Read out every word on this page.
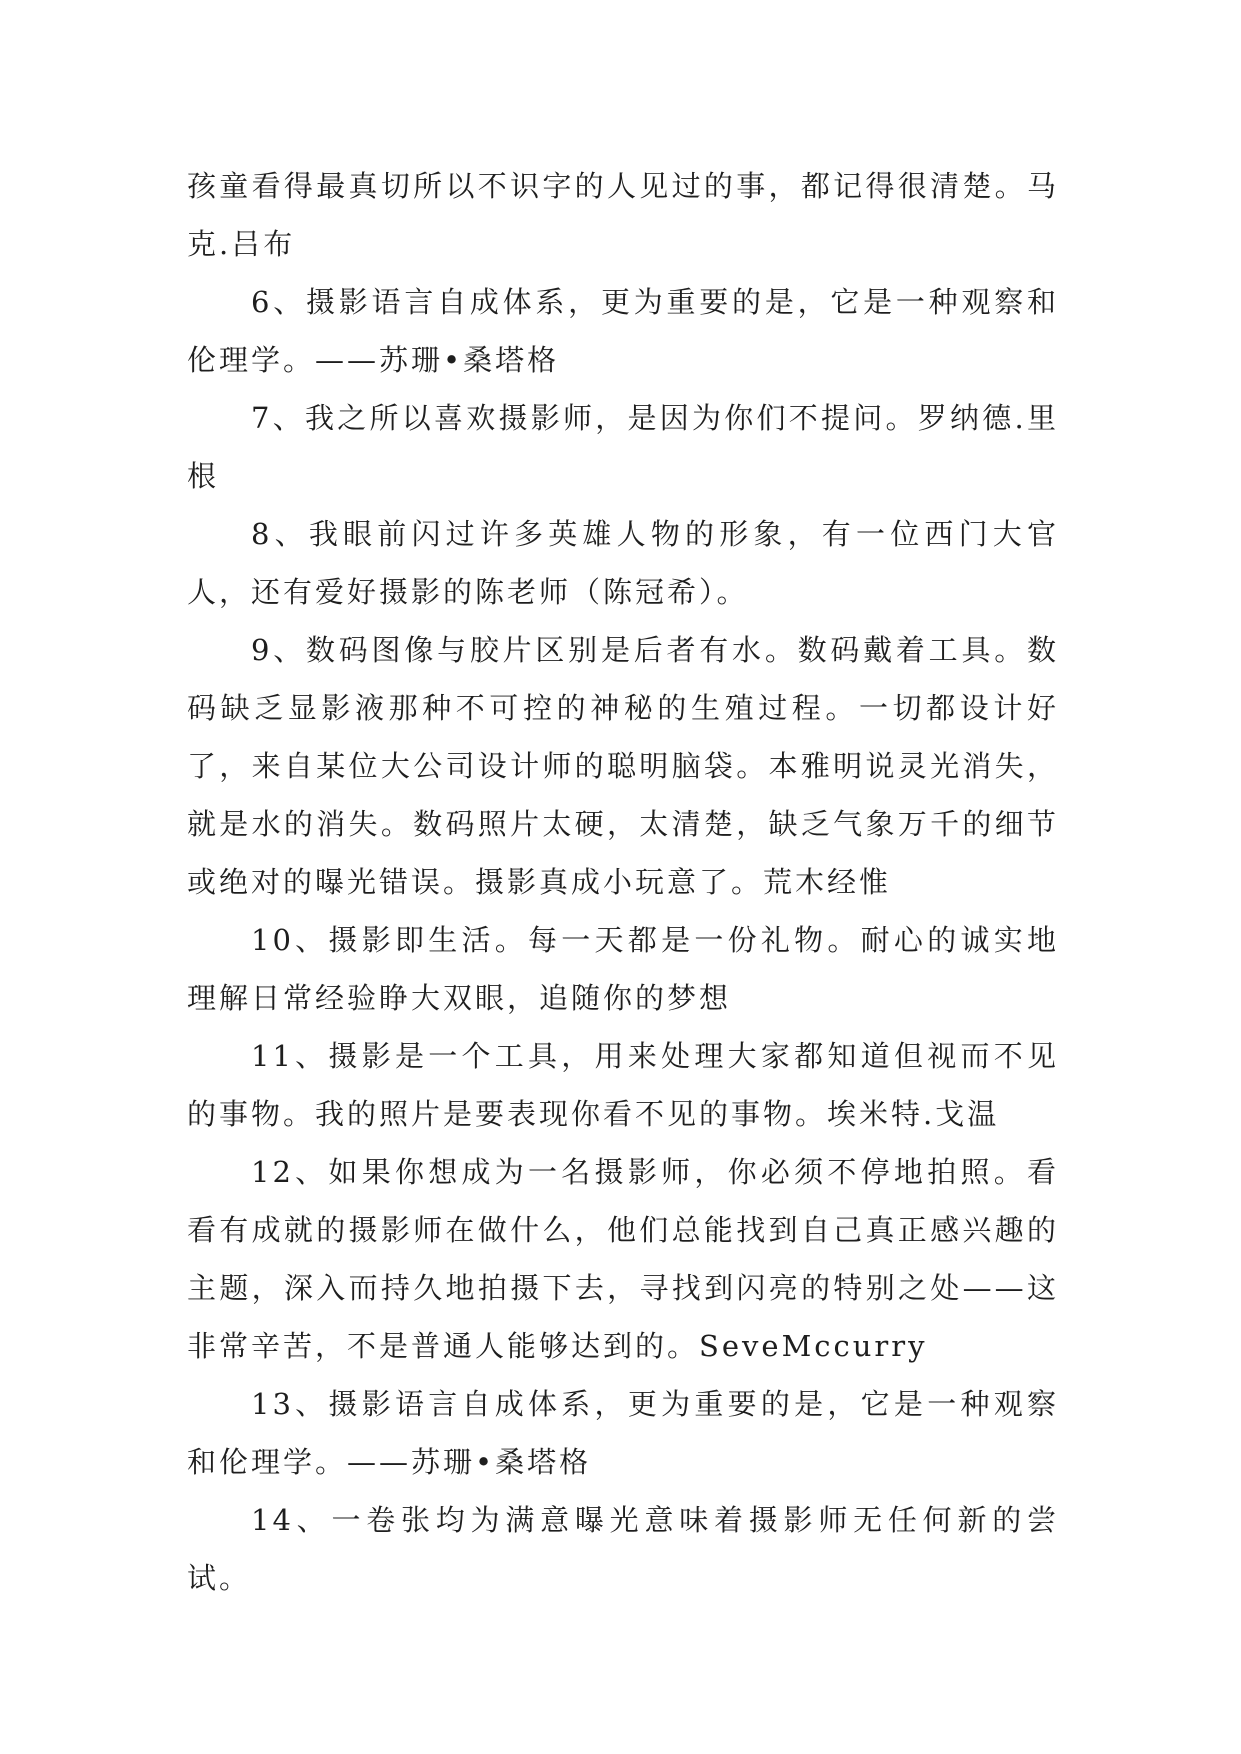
孩童看得最真切所以不识字的人见过的事，都记得很清楚。马克.吕布

6、摄影语言自成体系，更为重要的是，它是一种观察和伦理学。——苏珊•桑塔格

7、我之所以喜欢摄影师，是因为你们不提问。罗纳德.里根

8、我眼前闪过许多英雄人物的形象，有一位西门大官人，还有爱好摄影的陈老师（陈冠希）。

9、数码图像与胶片区别是后者有水。数码戴着工具。数码缺乏显影液那种不可控的神秘的生殖过程。一切都设计好了，来自某位大公司设计师的聪明脑袋。本雅明说灵光消失，就是水的消失。数码照片太硬，太清楚，缺乏气象万千的细节或绝对的曝光错误。摄影真成小玩意了。荒木经惟

10、摄影即生活。每一天都是一份礼物。耐心的诚实地理解日常经验睁大双眼，追随你的梦想

11、摄影是一个工具，用来处理大家都知道但视而不见的事物。我的照片是要表现你看不见的事物。埃米特.戈温

12、如果你想成为一名摄影师，你必须不停地拍照。看看有成就的摄影师在做什么，他们总能找到自己真正感兴趣的主题，深入而持久地拍摄下去，寻找到闪亮的特别之处——这非常辛苦，不是普通人能够达到的。SeveMccurry

13、摄影语言自成体系，更为重要的是，它是一种观察和伦理学。——苏珊•桑塔格

14、一卷张均为满意曝光意味着摄影师无任何新的尝试。
